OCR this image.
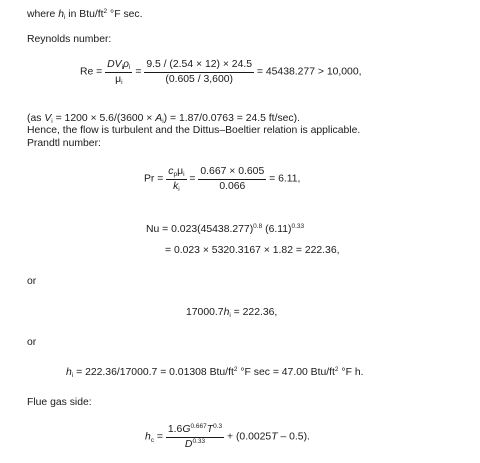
where $h_i$ in Btu/$ft^2$ °F sec.
Reynolds number:
$Re = \frac{DV_i\rho_i}{\mu_i} = \frac{9.5 / (2.54 \times 12) \times 24.5}{(0.605 / 3,600)} = 45438.277 > 10,000$,
(as $V_i = 1200 \times 5.6/(3600 \times A_i) = 1.87/0.0763 = 24.5$ ft/sec).
Hence, the flow is turbulent and the Dittus–Boeltier relation is applicable.
Prandtl number:
$Pr = \frac{c_p\mu_i}{k_i} = \frac{0.667 \times 0.605}{0.066} = 6.11$,
$Nu = 0.023(45438.277)^{0.8}$ $(6.11)^{0.33}$
= 0.023 × 5320.3167 × 1.82 = 222.36,
or
$17000.7h_i = 222.36$,
or
$h_i = 222.36/17000.7 = 0.01308$ Btu/$ft^2$ °F sec = 47.00 Btu/$ft^2$ °F h.
Flue gas side:
$h_c = \frac{1.6G^{0.667}T^{0.3}}{D^{0.33}} + (0.0025T - 0.5)$.
